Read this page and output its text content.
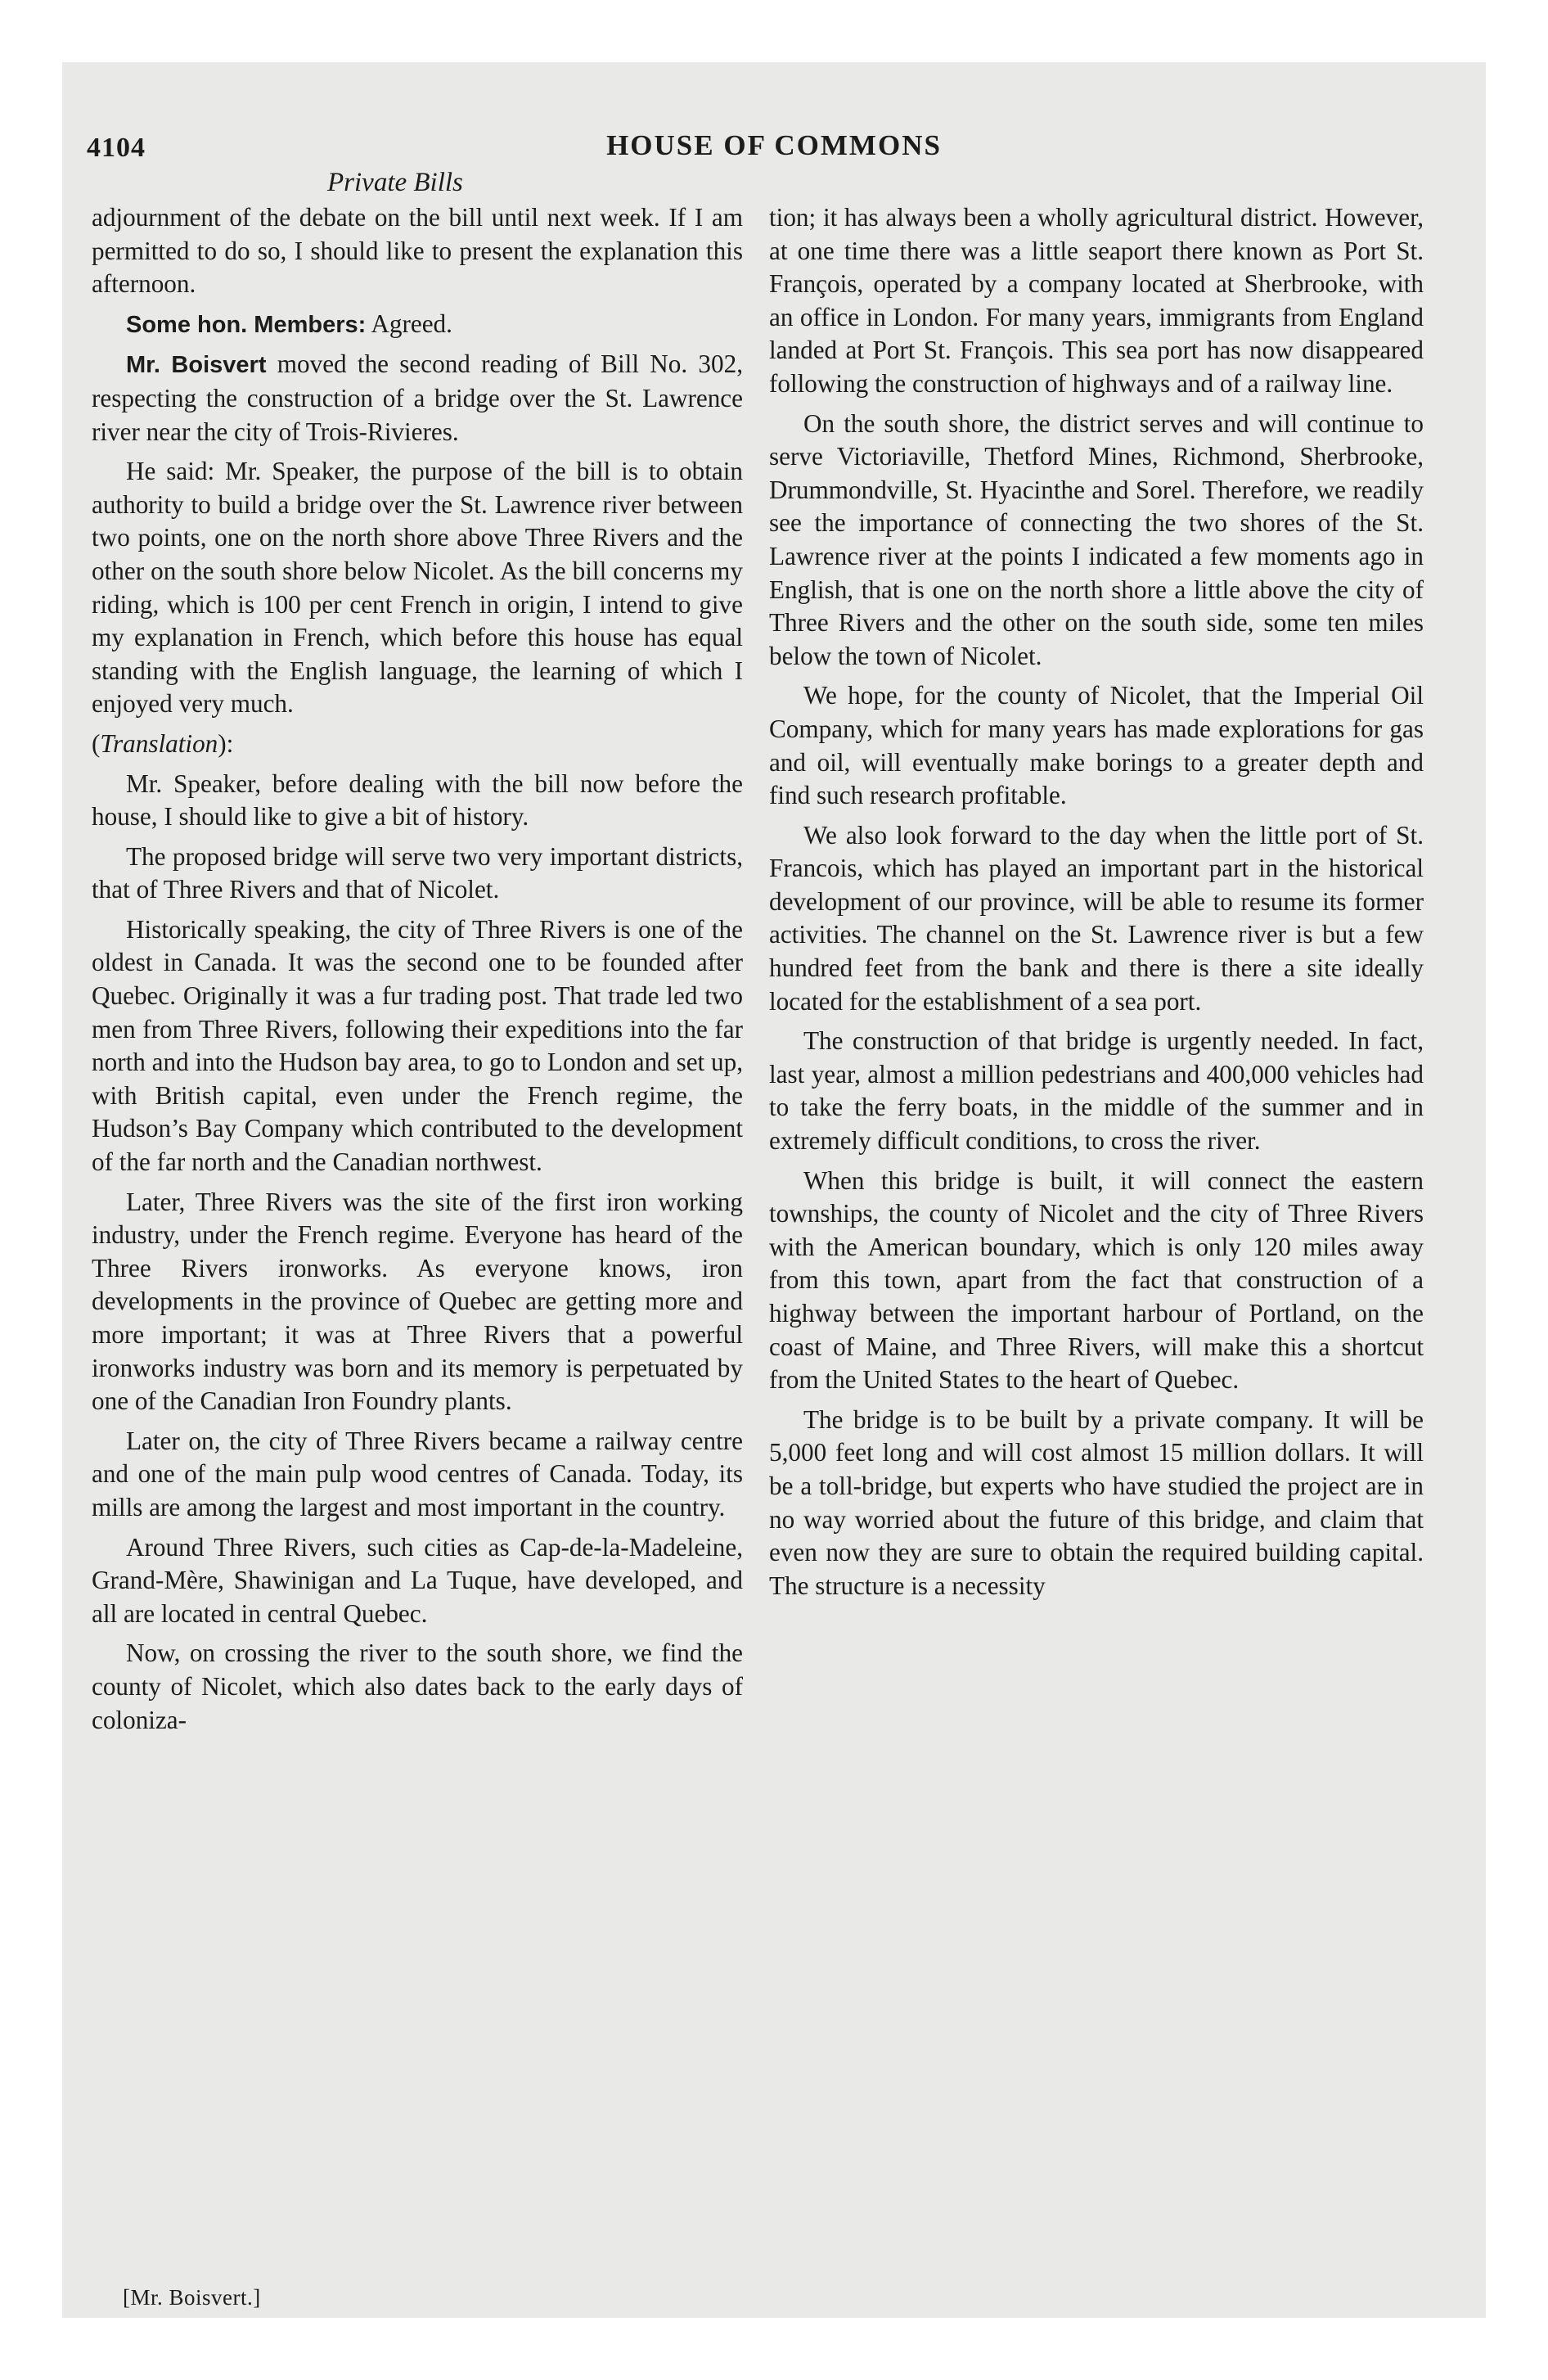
4104	HOUSE OF COMMONS
Private Bills

adjournment of the debate on the bill until next week. If I am permitted to do so, I should like to present the explanation this afternoon.

Some hon. Members: Agreed.

Mr. Boisvert moved the second reading of Bill No. 302, respecting the construction of a bridge over the St. Lawrence river near the city of Trois-Rivieres.

He said: Mr. Speaker, the purpose of the bill is to obtain authority to build a bridge over the St. Lawrence river between two points, one on the north shore above Three Rivers and the other on the south shore below Nicolet. As the bill concerns my riding, which is 100 per cent French in origin, I intend to give my explanation in French, which before this house has equal standing with the English language, the learning of which I enjoyed very much.

(Translation):

Mr. Speaker, before dealing with the bill now before the house, I should like to give a bit of history.

The proposed bridge will serve two very important districts, that of Three Rivers and that of Nicolet.

Historically speaking, the city of Three Rivers is one of the oldest in Canada. It was the second one to be founded after Quebec. Originally it was a fur trading post. That trade led two men from Three Rivers, following their expeditions into the far north and into the Hudson bay area, to go to London and set up, with British capital, even under the French regime, the Hudson’s Bay Company which contributed to the development of the far north and the Canadian northwest.

Later, Three Rivers was the site of the first iron working industry, under the French regime. Everyone has heard of the Three Rivers ironworks. As everyone knows, iron developments in the province of Quebec are getting more and more important; it was at Three Rivers that a powerful ironworks industry was born and its memory is perpetuated by one of the Canadian Iron Foundry plants.

Later on, the city of Three Rivers became a railway centre and one of the main pulp wood centres of Canada. Today, its mills are among the largest and most important in the country.

Around Three Rivers, such cities as Cap-de-la-Madeleine, Grand-Mère, Shawinigan and La Tuque, have developed, and all are located in central Quebec.

Now, on crossing the river to the south shore, we find the county of Nicolet, which also dates back to the early days of coloniza-

tion; it has always been a wholly agricultural district. However, at one time there was a little seaport there known as Port St. François, operated by a company located at Sherbrooke, with an office in London. For many years, immigrants from England landed at Port St. François. This sea port has now disappeared following the construction of highways and of a railway line.

On the south shore, the district serves and will continue to serve Victoriaville, Thetford Mines, Richmond, Sherbrooke, Drummondville, St. Hyacinthe and Sorel. Therefore, we readily see the importance of connecting the two shores of the St. Lawrence river at the points I indicated a few moments ago in English, that is one on the north shore a little above the city of Three Rivers and the other on the south side, some ten miles below the town of Nicolet.

We hope, for the county of Nicolet, that the Imperial Oil Company, which for many years has made explorations for gas and oil, will eventually make borings to a greater depth and find such research profitable.

We also look forward to the day when the little port of St. Francois, which has played an important part in the historical development of our province, will be able to resume its former activities. The channel on the St. Lawrence river is but a few hundred feet from the bank and there is there a site ideally located for the establishment of a sea port.

The construction of that bridge is urgently needed. In fact, last year, almost a million pedestrians and 400,000 vehicles had to take the ferry boats, in the middle of the summer and in extremely difficult conditions, to cross the river.

When this bridge is built, it will connect the eastern townships, the county of Nicolet and the city of Three Rivers with the American boundary, which is only 120 miles away from this town, apart from the fact that construction of a highway between the important harbour of Portland, on the coast of Maine, and Three Rivers, will make this a shortcut from the United States to the heart of Quebec.

The bridge is to be built by a private company. It will be 5,000 feet long and will cost almost 15 million dollars. It will be a toll-bridge, but experts who have studied the project are in no way worried about the future of this bridge, and claim that even now they are sure to obtain the required building capital. The structure is a necessity

[Mr. Boisvert.]
